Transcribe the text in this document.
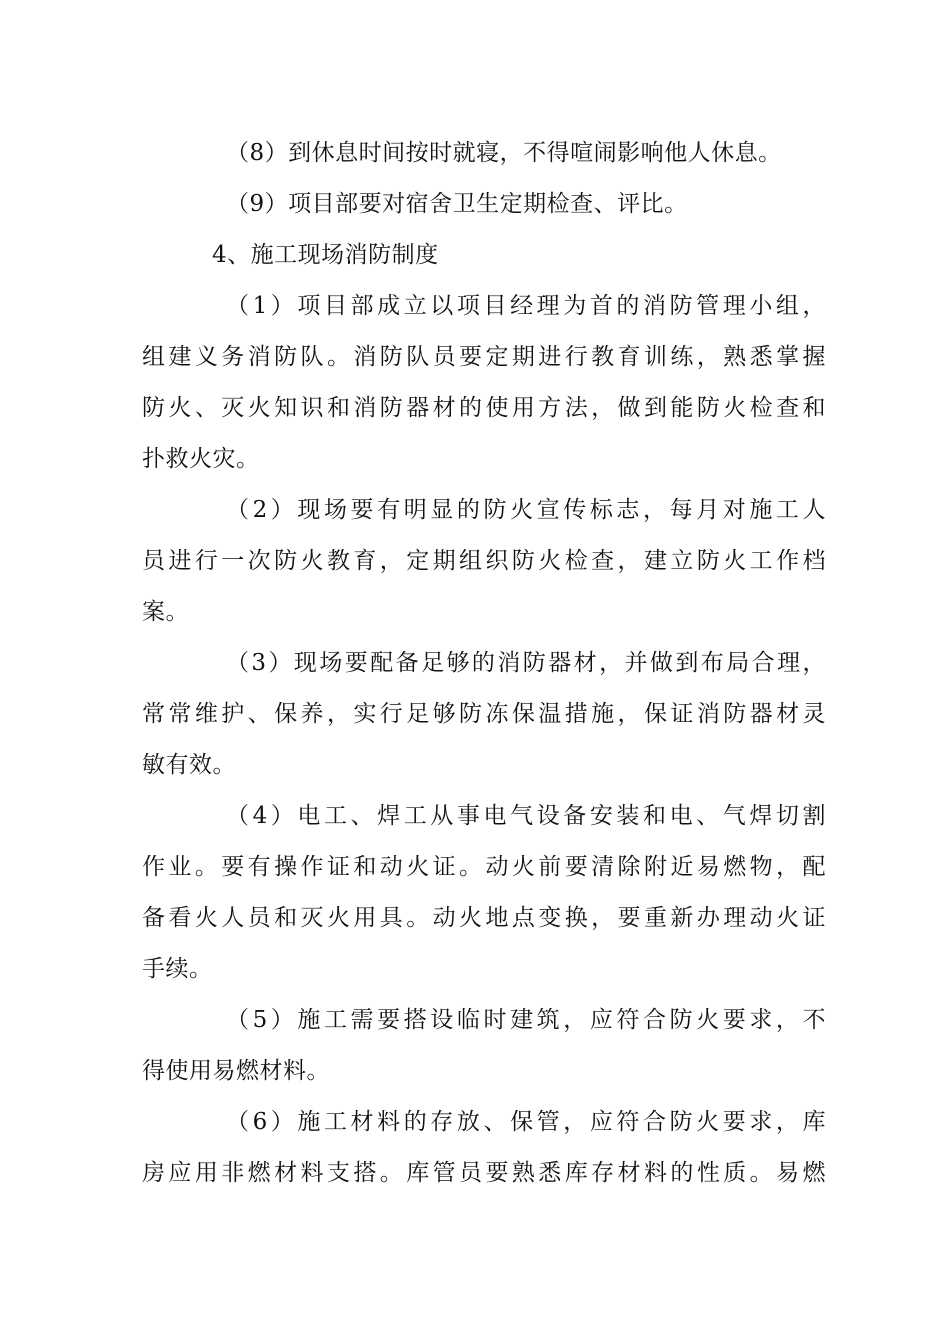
（8）到休息时间按时就寝，不得喧闹影响他人休息。
（9）项目部要对宿舍卫生定期检查、评比。
4、施工现场消防制度
（1）项目部成立以项目经理为首的消防管理小组，
组建义务消防队。消防队员要定期进行教育训练，熟悉掌握
防火、灭火知识和消防器材的使用方法，做到能防火检查和
扑救火灾。
（2）现场要有明显的防火宣传标志，每月对施工人
员进行一次防火教育，定期组织防火检查，建立防火工作档
案。
（3）现场要配备足够的消防器材，并做到布局合理，
常常维护、保养，实行足够防冻保温措施，保证消防器材灵
敏有效。
（4）电工、焊工从事电气设备安装和电、气焊切割
作业。要有操作证和动火证。动火前要清除附近易燃物，配
备看火人员和灭火用具。动火地点变换，要重新办理动火证
手续。
（5）施工需要搭设临时建筑，应符合防火要求，不
得使用易燃材料。
（6）施工材料的存放、保管，应符合防火要求，库
房应用非燃材料支搭。库管员要熟悉库存材料的性质。易燃
